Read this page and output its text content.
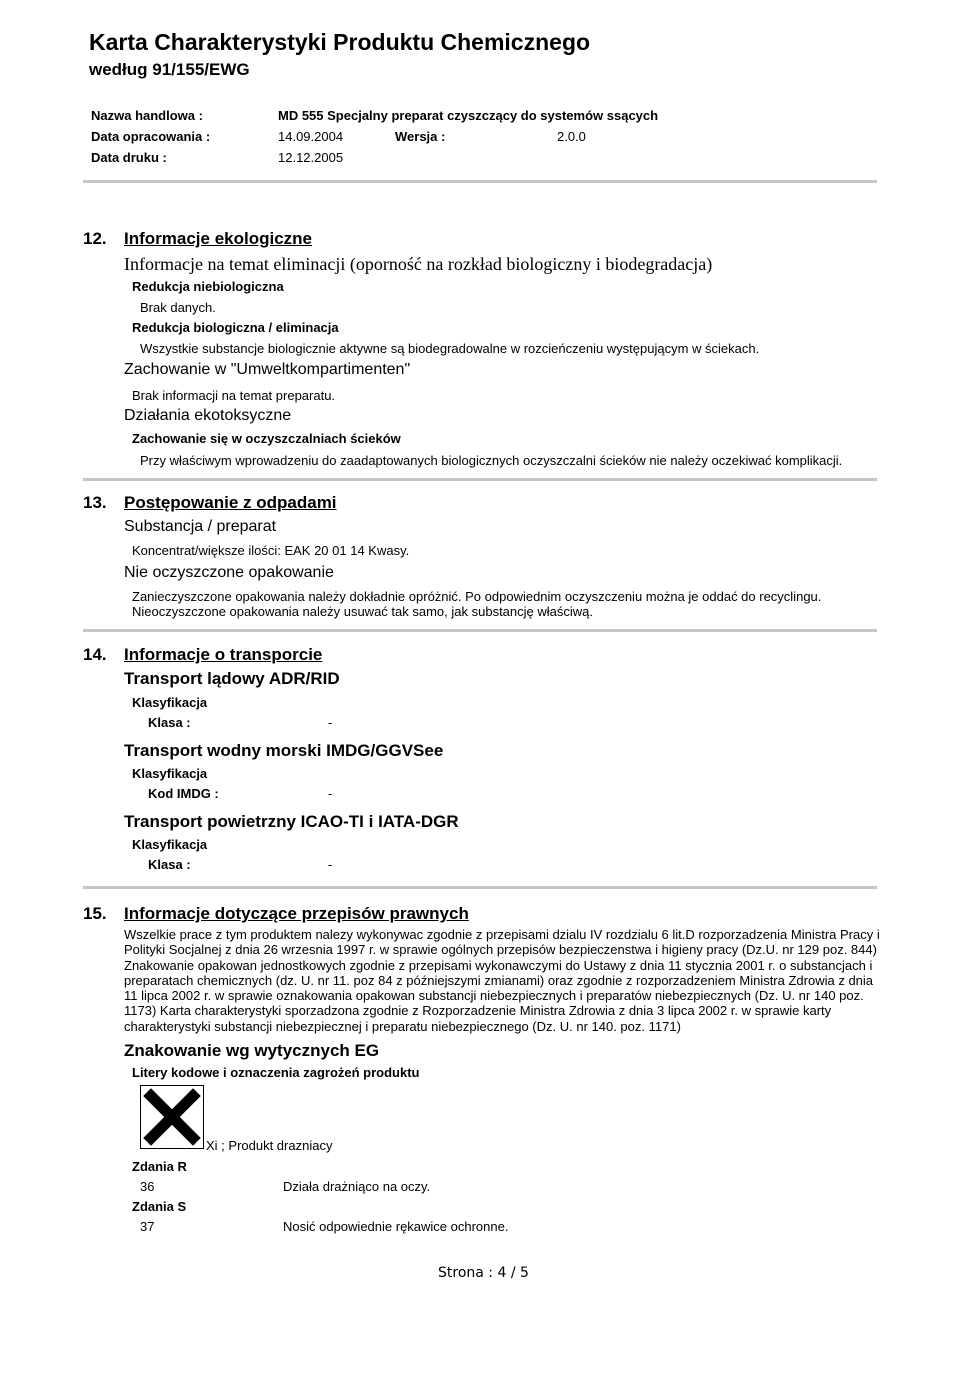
Karta Charakterystyki Produktu Chemicznego
według 91/155/EWG
Nazwa handlowa :	MD 555 Specjalny preparat czyszczący do systemów ssących
Data opracowania :	14.09.2004	Wersja :	2.0.0
Data druku :	12.12.2005
12. Informacje ekologiczne
Informacje na temat eliminacji (oporność na rozkład biologiczny i biodegradacja)
Redukcja niebiologiczna
Brak danych.
Redukcja biologiczna / eliminacja
Wszystkie substancje biologicznie aktywne są biodegradowalne w rozcieńczeniu występującym w ściekach.
Zachowanie w "Umweltkompartimenten"
Brak informacji na temat preparatu.
Działania ekotoksyczne
Zachowanie się w oczyszczalniach ścieków
Przy właściwym wprowadzeniu do zaadaptowanych biologicznych oczyszczalni ścieków nie należy oczekiwać komplikacji.
13. Postępowanie z odpadami
Substancja / preparat
Koncentrat/większe ilości: EAK 20 01 14 Kwasy.
Nie oczyszczone opakowanie
Zanieczyszczone opakowania należy dokładnie opróżnić. Po odpowiednim oczyszczeniu można je oddać do recyclingu.
Nieoczyszczone opakowania należy usuwać tak samo, jak substancję właściwą.
14. Informacje o transporcie
Transport lądowy ADR/RID
Klasyfikacja
Klasa :	-
Transport wodny morski IMDG/GGVSee
Klasyfikacja
Kod IMDG :	-
Transport powietrzny ICAO-TI i IATA-DGR
Klasyfikacja
Klasa :	-
15. Informacje dotyczące przepisów prawnych
Wszelkie prace z tym produktem nalezy wykonywac zgodnie z przepisami dzialu IV rozdzialu 6 lit.D rozporzadzenia Ministra Pracy i Polityki Socjalnej z dnia 26 wrzesnia 1997 r. w sprawie ogólnych przepisów bezpieczenstwa i higieny pracy (Dz.U. nr 129 poz. 844) Znakowanie opakowan jednostkowych zgodnie z przepisami wykonawczymi do Ustawy z dnia 11 stycznia 2001 r. o substancjach i preparatach chemicznych (dz. U. nr 11. poz 84 z późniejszymi zmianami) oraz zgodnie z rozporzadzeniem Ministra Zdrowia z dnia 11 lipca 2002 r. w sprawie oznakowania opakowan substancji niebezpiecznych i preparatów niebezpiecznych (Dz. U. nr 140 poz. 1173) Karta charakterystyki sporzadzona zgodnie z Rozporzadzenie Ministra Zdrowia z dnia 3 lipca 2002 r. w sprawie karty charakterystyki substancji niebezpiecznej i preparatu niebezpiecznego (Dz. U. nr 140. poz. 1171)
Znakowanie wg wytycznych EG
Litery kodowe i oznaczenia zagrożeń produktu
Xi ; Produkt drazniacy
Zdania R
36	Działa drażniąco na oczy.
Zdania S
37	Nosić odpowiednie rękawice ochronne.
Strona : 4 / 5
